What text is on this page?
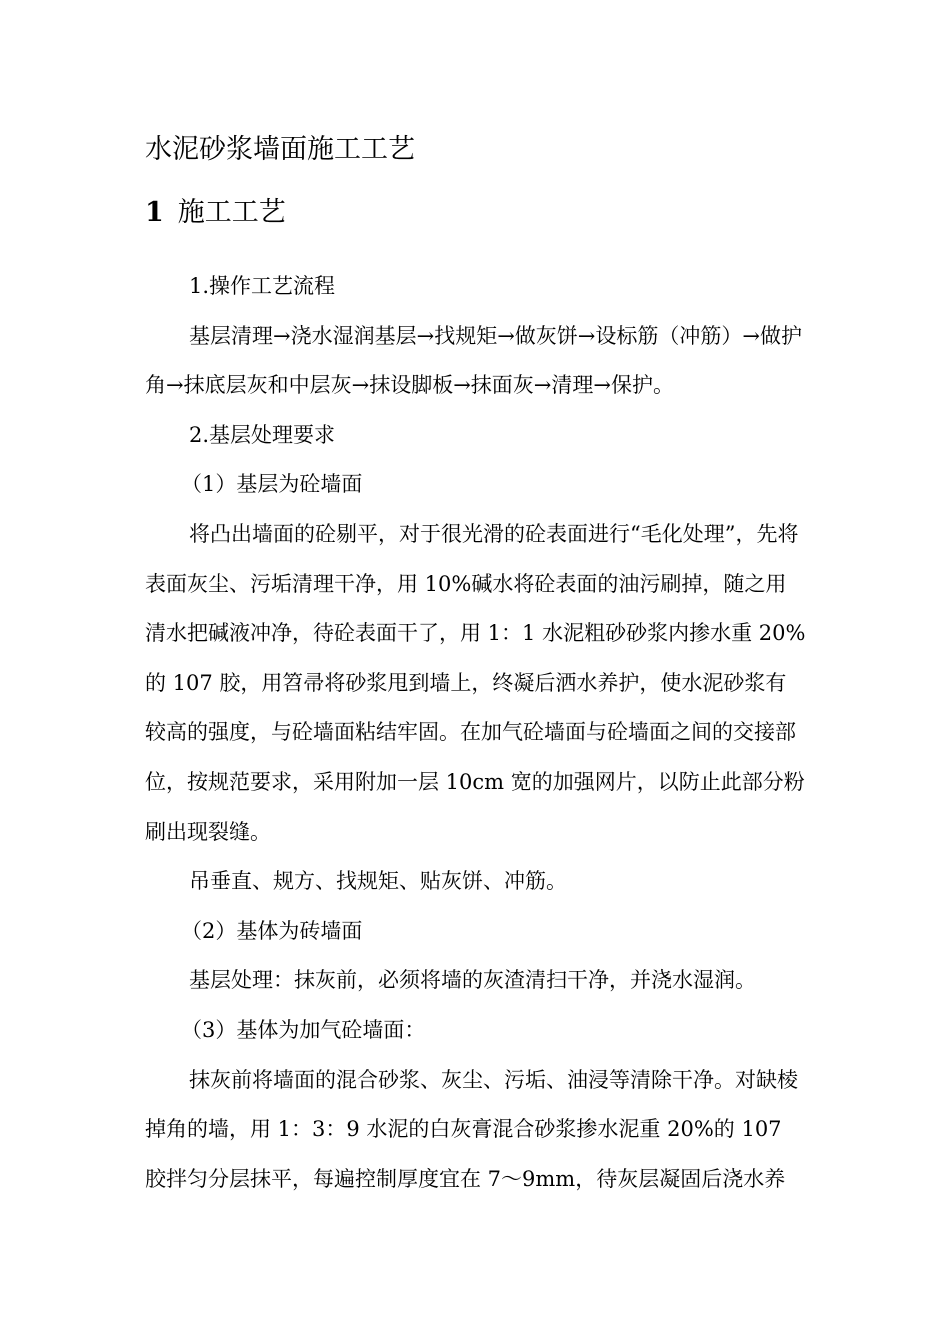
水泥砂浆墙面施工工艺
1 施工工艺

1.操作工艺流程

基层清理→浇水湿润基层→找规矩→做灰饼→设标筋（冲筋）→做护角→抹底层灰和中层灰→抹设脚板→抹面灰→清理→保护。

2.基层处理要求

（1）基层为砼墙面

将凸出墙面的砼剔平，对于很光滑的砼表面进行“毛化处理”，先将表面灰尘、污垢清理干净，用 10%碱水将砼表面的油污刷掉，随之用清水把碱液冲净，待砼表面干了，用 1：1 水泥粗砂砂浆内掺水重 20%的 107 胶，用笤帚将砂浆甩到墙上，终凝后洒水养护，使水泥砂浆有较高的强度，与砼墙面粘结牢固。在加气砼墙面与砼墙面之间的交接部位，按规范要求，采用附加一层 10cm 宽的加强网片，以防止此部分粉刷出现裂缝。

吊垂直、规方、找规矩、贴灰饼、冲筋。

（2）基体为砖墙面

基层处理：抹灰前，必须将墙的灰渣清扫干净，并浇水湿润。

（3）基体为加气砼墙面：

抹灰前将墙面的混合砂浆、灰尘、污垢、油浸等清除干净。对缺棱掉角的墙，用 1：3：9 水泥的白灰膏混合砂浆掺水泥重 20%的 107 胶拌匀分层抹平，每遍控制厚度宜在 7～9mm，待灰层凝固后浇水养
